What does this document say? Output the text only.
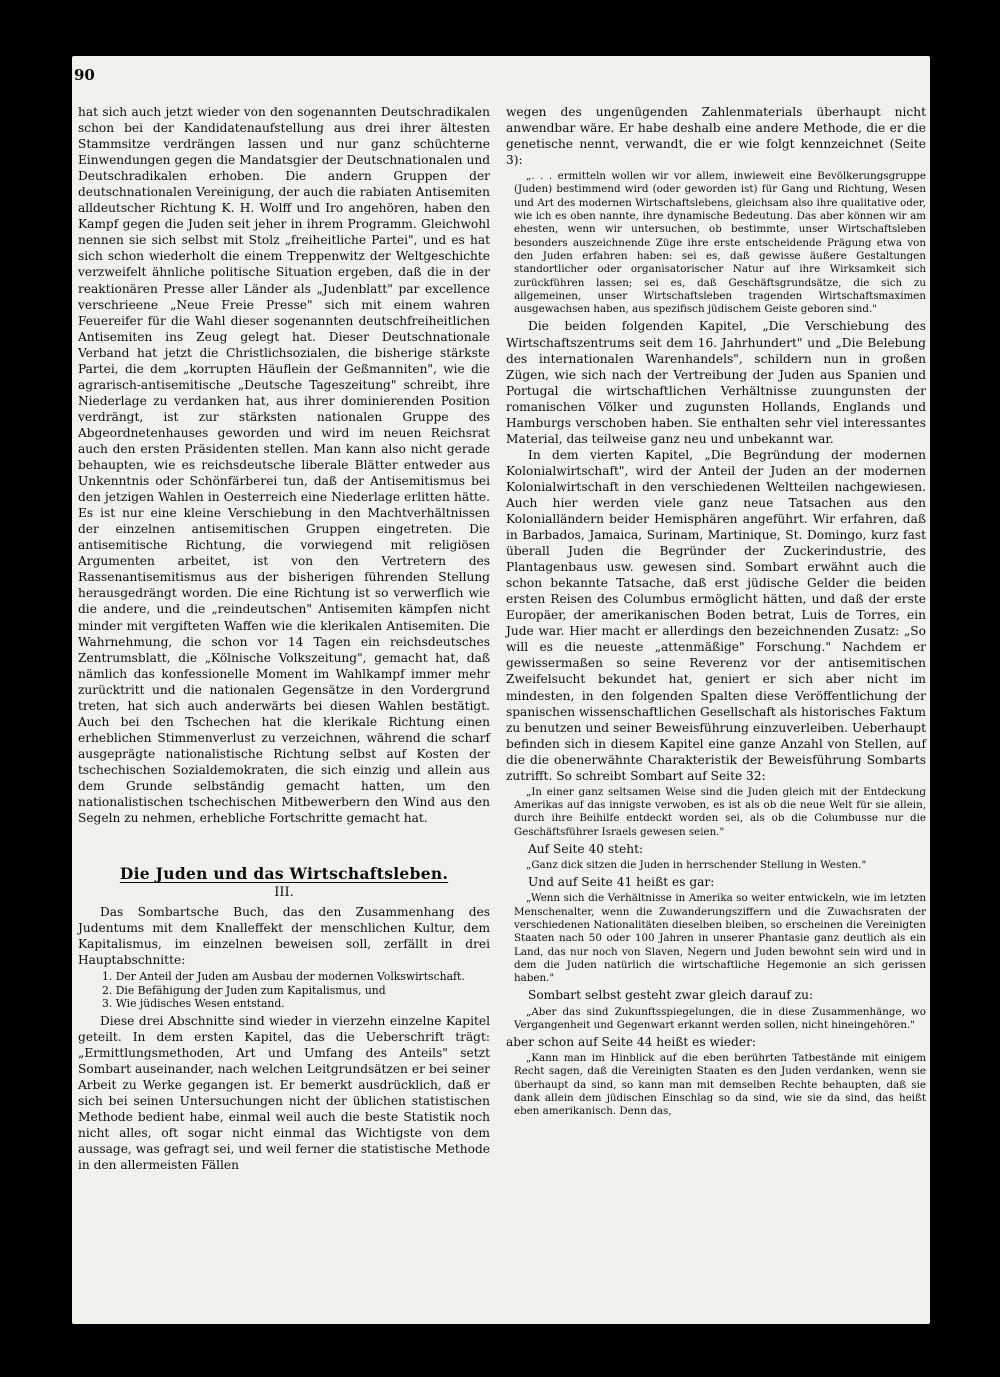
90

hat sich auch jetzt wieder von den sogenannten Deutschradikalen schon bei der Kandidatenaufstellung aus drei ihrer ältesten Stammsitze verdrängen lassen und nur ganz schüchterne Einwendungen gegen die Mandatsgier der Deutschnationalen und Deutschradikalen erhoben. Die andern Gruppen der deutschnationalen Vereinigung, der auch die rabiaten Antisemiten alldeutscher Richtung K. H. Wolff und Iro angehören, haben den Kampf gegen die Juden seit jeher in ihrem Programm. Gleichwohl nennen sie sich selbst mit Stolz „freiheitliche Partei", und es hat sich schon wiederholt die einem Treppenwitz der Weltgeschichte verzweifelt ähnliche politische Situation ergeben, daß die in der reaktionären Presse aller Länder als „Judenblatt" par excellence verschrieene „Neue Freie Presse" sich mit einem wahren Feuereifer für die Wahl dieser sogenannten deutschfreiheitlichen Antisemiten ins Zeug gelegt hat. Dieser Deutschnationale Verband hat jetzt die Christlichsozialen, die bisherige stärkste Partei, die dem „korrupten Häuflein der Geßmanniten", wie die agrarisch-antisemitische „Deutsche Tageszeitung" schreibt, ihre Niederlage zu verdanken hat, aus ihrer dominierenden Position verdrängt, ist zur stärksten nationalen Gruppe des Abgeordnetenhauses geworden und wird im neuen Reichsrat auch den ersten Präsidenten stellen. Man kann also nicht gerade behaupten, wie es reichsdeutsche liberale Blätter entweder aus Unkenntnis oder Schönfärberei tun, daß der Antisemitismus bei den jetzigen Wahlen in Oesterreich eine Niederlage erlitten hätte. Es ist nur eine kleine Verschiebung in den Machtverhältnissen der einzelnen antisemitischen Gruppen eingetreten. Die antisemitische Richtung, die vorwiegend mit religiösen Argumenten arbeitet, ist von den Vertretern des Rassenantisemitismus aus der bisherigen führenden Stellung herausgedrängt worden. Die eine Richtung ist so verwerflich wie die andere, und die „reindeutschen" Antisemiten kämpfen nicht minder mit vergifteten Waffen wie die klerikalen Antisemiten. Die Wahrnehmung, die schon vor 14 Tagen ein reichsdeutsches Zentrumsblatt, die „Kölnische Volkszeitung", gemacht hat, daß nämlich das konfessionelle Moment im Wahlkampf immer mehr zurücktritt und die nationalen Gegensätze in den Vordergrund treten, hat sich auch anderwärts bei diesen Wahlen bestätigt. Auch bei den Tschechen hat die klerikale Richtung einen erheblichen Stimmenverlust zu verzeichnen, während die scharf ausgeprägte nationalistische Richtung selbst auf Kosten der tschechischen Sozialdemokraten, die sich einzig und allein aus dem Grunde selbständig gemacht hatten, um den nationalistischen tschechischen Mitbewerbern den Wind aus den Segeln zu nehmen, erhebliche Fortschritte gemacht hat.

Die Juden und das Wirtschaftsleben.
III.

Das Sombartsche Buch, das den Zusammenhang des Judentums mit dem Knalleffekt der menschlichen Kultur, dem Kapitalismus, im einzelnen beweisen soll, zerfällt in drei Hauptabschnitte:

1. Der Anteil der Juden am Ausbau der modernen Volkswirtschaft.
2. Die Befähigung der Juden zum Kapitalismus, und
3. Wie jüdisches Wesen entstand.

Diese drei Abschnitte sind wieder in vierzehn einzelne Kapitel geteilt. In dem ersten Kapitel, das die Ueberschrift trägt: „Ermittlungsmethoden, Art und Umfang des Anteils" setzt Sombart auseinander, nach welchen Leitgrundsätzen er bei seiner Arbeit zu Werke gegangen ist. Er bemerkt ausdrücklich, daß er sich bei seinen Untersuchungen nicht der üblichen statistischen Methode bedient habe, einmal weil auch die beste Statistik noch nicht alles, oft sogar nicht einmal das Wichtigste von dem aussage, was gefragt sei, und weil ferner die statistische Methode in den allermeisten Fällen

wegen des ungenügenden Zahlenmaterials überhaupt nicht anwendbar wäre. Er habe deshalb eine andere Methode, die er die genetische nennt, verwandt, die er wie folgt kennzeichnet (Seite 3):

„. . . ermitteln wollen wir vor allem, inwieweit eine Bevölkerungsgruppe (Juden) bestimmend wird (oder geworden ist) für Gang und Richtung, Wesen und Art des modernen Wirtschaftslebens, gleichsam also ihre qualitative oder, wie ich es oben nannte, ihre dynamische Bedeutung. Das aber können wir am ehesten, wenn wir untersuchen, ob bestimmte, unser Wirtschaftsleben besonders auszeichnende Züge ihre erste entscheidende Prägung etwa von den Juden erfahren haben: sei es, daß gewisse äußere Gestaltungen standortlicher oder organisatorischer Natur auf ihre Wirksamkeit sich zurückführen lassen; sei es, daß Geschäftsgrundsätze, die sich zu allgemeinen, unser Wirtschaftsleben tragenden Wirtschaftsmaximen ausgewachsen haben, aus spezifisch jüdischem Geiste geboren sind."

Die beiden folgenden Kapitel, „Die Verschiebung des Wirtschaftszentrums seit dem 16. Jahrhundert" und „Die Belebung des internationalen Warenhandels", schildern nun in großen Zügen, wie sich nach der Vertreibung der Juden aus Spanien und Portugal die wirtschaftlichen Verhältnisse zuungunsten der romanischen Völker und zugunsten Hollands, Englands und Hamburgs verschoben haben. Sie enthalten sehr viel interessantes Material, das teilweise ganz neu und unbekannt war.

In dem vierten Kapitel, „Die Begründung der modernen Kolonialwirtschaft", wird der Anteil der Juden an der modernen Kolonialwirtschaft in den verschiedenen Weltteilen nachgewiesen. Auch hier werden viele ganz neue Tatsachen aus den Kolonialländern beider Hemisphären angeführt. Wir erfahren, daß in Barbados, Jamaica, Surinam, Martinique, St. Domingo, kurz fast überall Juden die Begründer der Zuckerindustrie, des Plantagenbaus usw. gewesen sind. Sombart erwähnt auch die schon bekannte Tatsache, daß erst jüdische Gelder die beiden ersten Reisen des Columbus ermöglicht hätten, und daß der erste Europäer, der amerikanischen Boden betrat, Luis de Torres, ein Jude war. Hier macht er allerdings den bezeichnenden Zusatz: „So will es die neueste „attenmäßige" Forschung." Nachdem er gewissermaßen so seine Reverenz vor der antisemitischen Zweifelsucht bekundet hat, geniert er sich aber nicht im mindesten, in den folgenden Spalten diese Veröffentlichung der spanischen wissenschaftlichen Gesellschaft als historisches Faktum zu benutzen und seiner Beweisführung einzuverleiben. Ueberhaupt befinden sich in diesem Kapitel eine ganze Anzahl von Stellen, auf die die obenerwähnte Charakteristik der Beweisführung Sombarts zutrifft. So schreibt Sombart auf Seite 32:

„In einer ganz seltsamen Weise sind die Juden gleich mit der Entdeckung Amerikas auf das innigste verwoben, es ist als ob die neue Welt für sie allein, durch ihre Beihilfe entdeckt worden sei, als ob die Columbusse nur die Geschäftsführer Israels gewesen seien."

Auf Seite 40 steht:

„Ganz dick sitzen die Juden in herrschender Stellung in Westen."

Und auf Seite 41 heißt es gar:

„Wenn sich die Verhältnisse in Amerika so weiter entwickeln, wie im letzten Menschenalter, wenn die Zuwanderungsziffern und die Zuwachsraten der verschiedenen Nationalitäten dieselben bleiben, so erscheinen die Vereinigten Staaten nach 50 oder 100 Jahren in unserer Phantasie ganz deutlich als ein Land, das nur noch von Slaven, Negern und Juden bewohnt sein wird und in dem die Juden natürlich die wirtschaftliche Hegemonie an sich gerissen haben."

Sombart selbst gesteht zwar gleich darauf zu:

„Aber das sind Zukunftsspiegelungen, die in diese Zusammenhänge, wo Vergangenheit und Gegenwart erkannt werden sollen, nicht hineingehören."

aber schon auf Seite 44 heißt es wieder:

„Kann man im Hinblick auf die eben berührten Tatbestände mit einigem Recht sagen, daß die Vereinigten Staaten es den Juden verdanken, wenn sie überhaupt da sind, so kann man mit demselben Rechte behaupten, daß sie dank allein dem jüdischen Einschlag so da sind, wie sie da sind, das heißt eben amerikanisch. Denn das,
